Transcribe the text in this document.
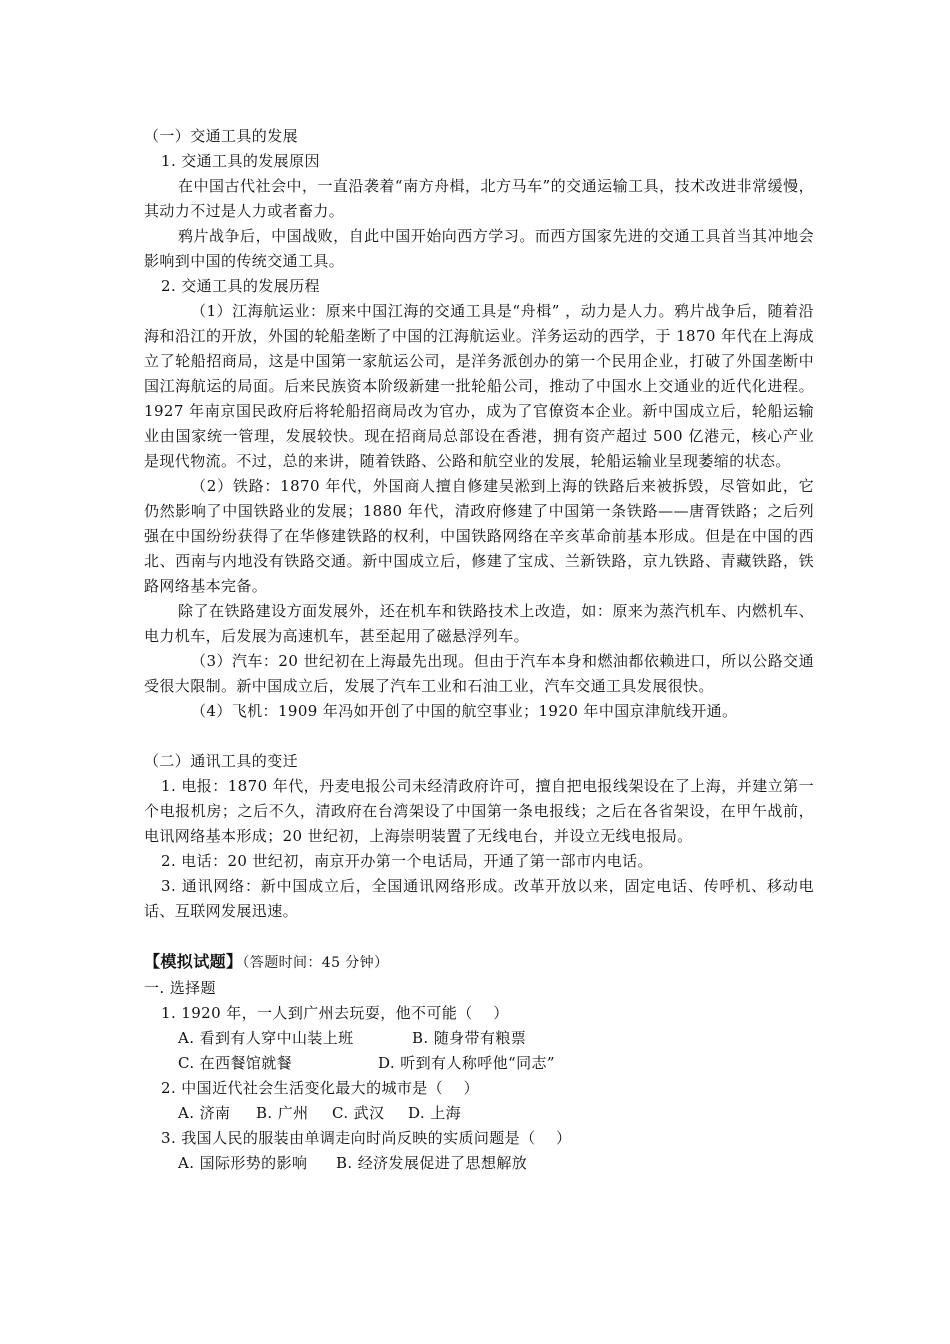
（一）交通工具的发展

1. 交通工具的发展原因

在中国古代社会中，一直沿袭着“南方舟楫，北方马车”的交通运输工具，技术改进非常缓慢，其动力不过是人力或者畜力。

鸦片战争后，中国战败，自此中国开始向西方学习。而西方国家先进的交通工具首当其冲地会影响到中国的传统交通工具。

2. 交通工具的发展历程

（1）江海航运业：原来中国江海的交通工具是“舟楫” ，动力是人力。鸦片战争后，随着沿海和沿江的开放，外国的轮船垄断了中国的江海航运业。洋务运动的西学，于 1870 年代在上海成立了轮船招商局，这是中国第一家航运公司，是洋务派创办的第一个民用企业，打破了外国垄断中国江海航运的局面。后来民族资本阶级新建一批轮船公司，推动了中国水上交通业的近代化进程。1927 年南京国民政府后将轮船招商局改为官办，成为了官僚资本企业。新中国成立后，轮船运输业由国家统一管理，发展较快。现在招商局总部设在香港，拥有资产超过 500 亿港元，核心产业是现代物流。不过，总的来讲，随着铁路、公路和航空业的发展，轮船运输业呈现萎缩的状态。

（2）铁路：1870 年代，外国商人擅自修建吴淞到上海的铁路后来被拆毁，尽管如此，它仍然影响了中国铁路业的发展；1880 年代，清政府修建了中国第一条铁路——唐胥铁路；之后列强在中国纷纷获得了在华修建铁路的权利，中国铁路网络在辛亥革命前基本形成。但是在中国的西北、西南与内地没有铁路交通。新中国成立后，修建了宝成、兰新铁路，京九铁路、青藏铁路，铁路网络基本完备。

除了在铁路建设方面发展外，还在机车和铁路技术上改造，如：原来为蒸汽机车、内燃机车、电力机车，后发展为高速机车，甚至起用了磁悬浮列车。

（3）汽车：20 世纪初在上海最先出现。但由于汽车本身和燃油都依赖进口，所以公路交通受很大限制。新中国成立后，发展了汽车工业和石油工业，汽车交通工具发展很快。

（4）飞机：1909 年冯如开创了中国的航空事业；1920 年中国京津航线开通。

（二）通讯工具的变迁

1. 电报：1870 年代，丹麦电报公司未经清政府许可，擅自把电报线架设在了上海，并建立第一个电报机房；之后不久，清政府在台湾架设了中国第一条电报线；之后在各省架设，在甲午战前，电讯网络基本形成；20 世纪初，上海崇明装置了无线电台，并设立无线电报局。

2. 电话：20 世纪初，南京开办第一个电话局，开通了第一部市内电话。

3. 通讯网络：新中国成立后，全国通讯网络形成。改革开放以来，固定电话、传呼机、移动电话、互联网发展迅速。

【模拟试题】（答题时间：45 分钟）

一. 选择题

1. 1920 年，一人到广州去玩耍，他不可能（　 ）

A. 看到有人穿中山装上班	B. 随身带有粮票

C. 在西餐馆就餐	D. 听到有人称呼他“同志”

2. 中国近代社会生活变化最大的城市是（　 ）

A. 济南 B. 广州 C. 武汉 D. 上海

3. 我国人民的服装由单调走向时尚反映的实质问题是（　 ）

A. 国际形势的影响 B. 经济发展促进了思想解放
